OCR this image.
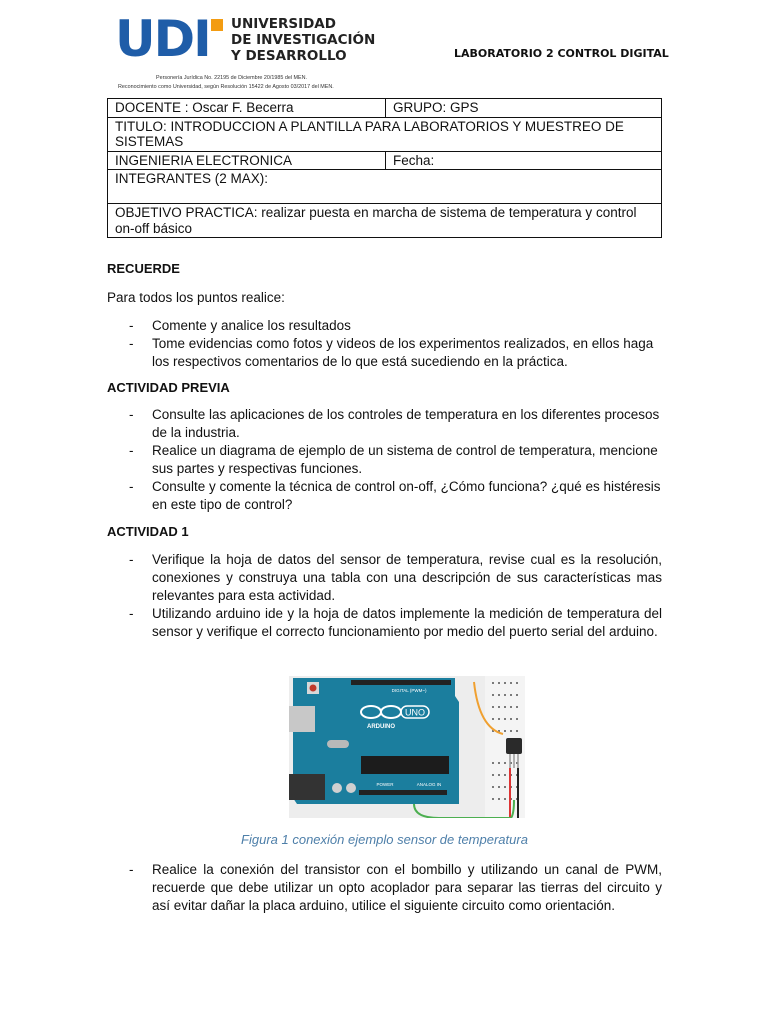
UDI UNIVERSIDAD
DE INVESTIGACIÓN
Y DESARROLLO
Personería Jurídica No. 22195 de Diciembre 20/1985 del MEN.
Reconocimiento como Universidad, según Resolución 15422 de Agosto 03/2017 del MEN.
LABORATORIO 2 CONTROL DIGITAL
DOCENTE : Oscar F. Becerra	GRUPO: GPS
TITULO: INTRODUCCION A PLANTILLA PARA LABORATORIOS Y MUESTREO DE SISTEMAS	
INGENIERIA ELECTRONICA	Fecha:
INTEGRANTES (2 MAX):	
OBJETIVO PRACTICA: realizar puesta en marcha de sistema de temperatura y control on-off básico	
RECUERDE
Para todos los puntos realice:
- Comente y analice los resultados
- Tome evidencias como fotos y videos de los experimentos realizados, en ellos haga los respectivos comentarios de lo que está sucediendo en la práctica.
ACTIVIDAD PREVIA
- Consulte las aplicaciones de los controles de temperatura en los diferentes procesos de la industria.
- Realice un diagrama de ejemplo de un sistema de control de temperatura, mencione sus partes y respectivas funciones.
- Consulte y comente la técnica de control on-off, ¿Cómo funciona? ¿qué es histéresis en este tipo de control?
ACTIVIDAD 1
- Verifique la hoja de datos del sensor de temperatura, revise cual es la resolución, conexiones y construya una tabla con una descripción de sus características mas relevantes para esta actividad.
- Utilizando arduino ide y la hoja de datos implemente la medición de temperatura del sensor y verifique el correcto funcionamiento por medio del puerto serial del arduino.
UNO
ARDUINO
DIGITAL (PWM~)
POWER	ANALOG IN
Figura 1 conexión ejemplo sensor de temperatura
- Realice la conexión del transistor con el bombillo y utilizando un canal de PWM, recuerde que debe utilizar un opto acoplador para separar las tierras del circuito y así evitar dañar la placa arduino, utilice el siguiente circuito como orientación.
